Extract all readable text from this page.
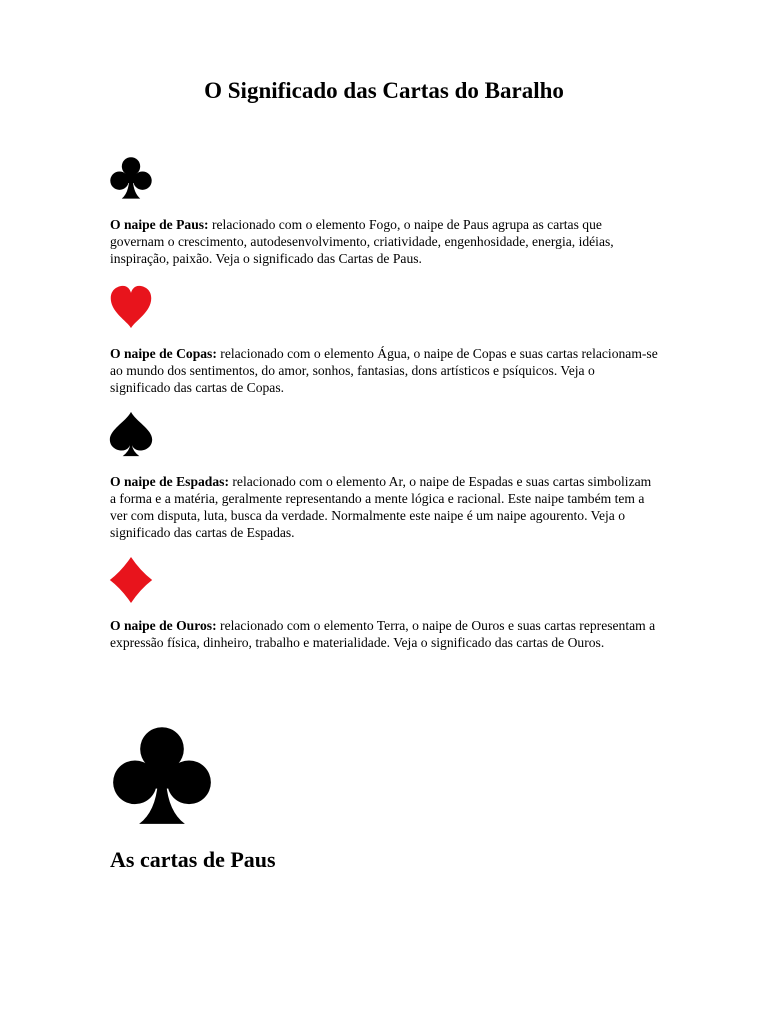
O Significado das Cartas do Baralho

O naipe de Paus: relacionado com o elemento Fogo, o naipe de Paus agrupa as cartas que governam o crescimento, autodesenvolvimento, criatividade, engenhosidade, energia, idéias, inspiração, paixão. Veja o significado das Cartas de Paus.

O naipe de Copas: relacionado com o elemento Água, o naipe de Copas e suas cartas relacionam-se ao mundo dos sentimentos, do amor, sonhos, fantasias, dons artísticos e psíquicos. Veja o significado das cartas de Copas.

O naipe de Espadas: relacionado com o elemento Ar, o naipe de Espadas e suas cartas simbolizam a forma e a matéria, geralmente representando a mente lógica e racional. Este naipe também tem a ver com disputa, luta, busca da verdade. Normalmente este naipe é um naipe agourento. Veja o significado das cartas de Espadas.

O naipe de Ouros: relacionado com o elemento Terra, o naipe de Ouros e suas cartas representam a expressão física, dinheiro, trabalho e materialidade. Veja o significado das cartas de Ouros.

As cartas de Paus
